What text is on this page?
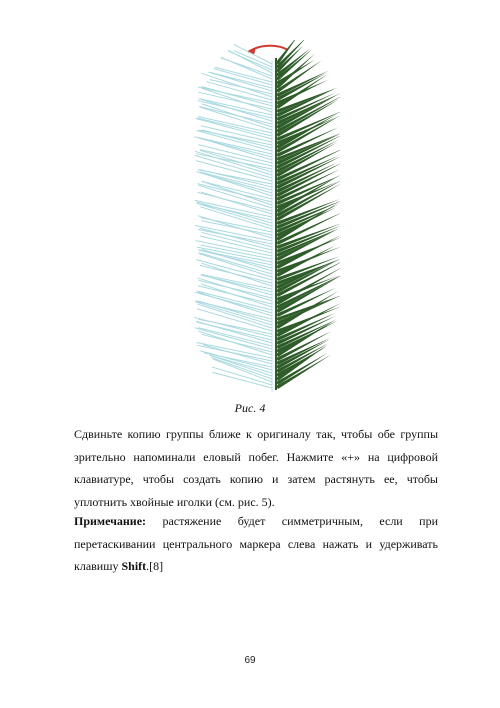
Рис. 4
Сдвиньте копию группы ближе к оригиналу так, чтобы обе группы зрительно напоминали еловый побег. Нажмите «+» на цифровой клавиатуре, чтобы создать копию и затем растянуть ее, чтобы уплотнить хвойные иголки (см. рис. 5).
Примечание: растяжение будет симметричным, если при перетаскивании центрального маркера слева нажать и удерживать клавишу Shift.[8]
69
